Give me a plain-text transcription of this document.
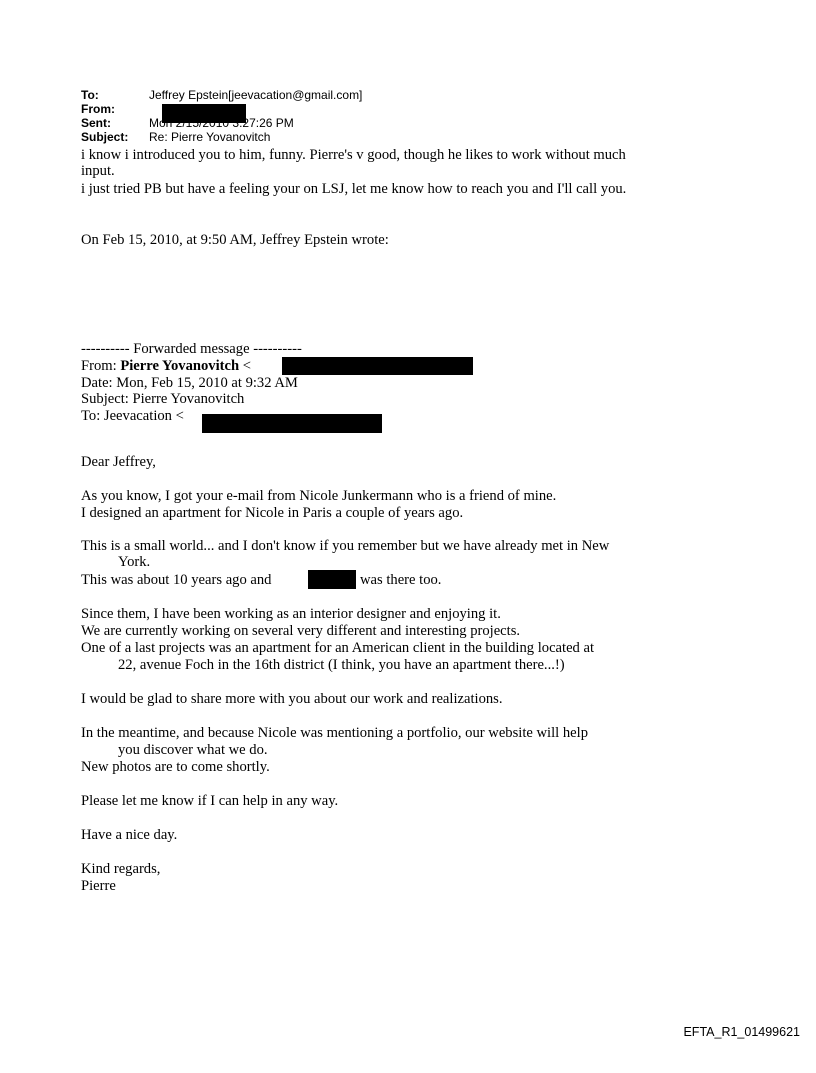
To:	Jeffrey Epstein[jeevacation@gmail.com]
From:
Sent:	Mon 2/15/2010 3:27:26 PM
Subject: Re: Pierre Yovanovitch
i know i introduced you to him, funny. Pierre's v good, though he likes to work without much
input.
i just tried PB but have a feeling your on LSJ, let me know how to reach you and I'll call you.
On Feb 15, 2010, at 9:50 AM, Jeffrey Epstein wrote:
---------- Forwarded message ----------
From: Pierre Yovanovitch <
Date: Mon, Feb 15, 2010 at 9:32 AM
Subject: Pierre Yovanovitch
To: Jeevacation <
Dear Jeffrey,
As you know, I got your e-mail from Nicole Junkermann who is a friend of mine.
I designed an apartment for Nicole in Paris a couple of years ago.
This is a small world... and I don't know if you remember but we have already met in New
York.
This was about 10 years ago and	was there too.
Since them, I have been working as an interior designer and enjoying it.
We are currently working on several very different and interesting projects.
One of a last projects was an apartment for an American client in the building located at
22, avenue Foch in the 16th district (I think, you have an apartment there...!)
I would be glad to share more with you about our work and realizations.
In the meantime, and because Nicole was mentioning a portfolio, our website will help
you discover what we do.
New photos are to come shortly.
Please let me know if I can help in any way.
Have a nice day.
Kind regards,
Pierre
EFTA_R1_01499621
